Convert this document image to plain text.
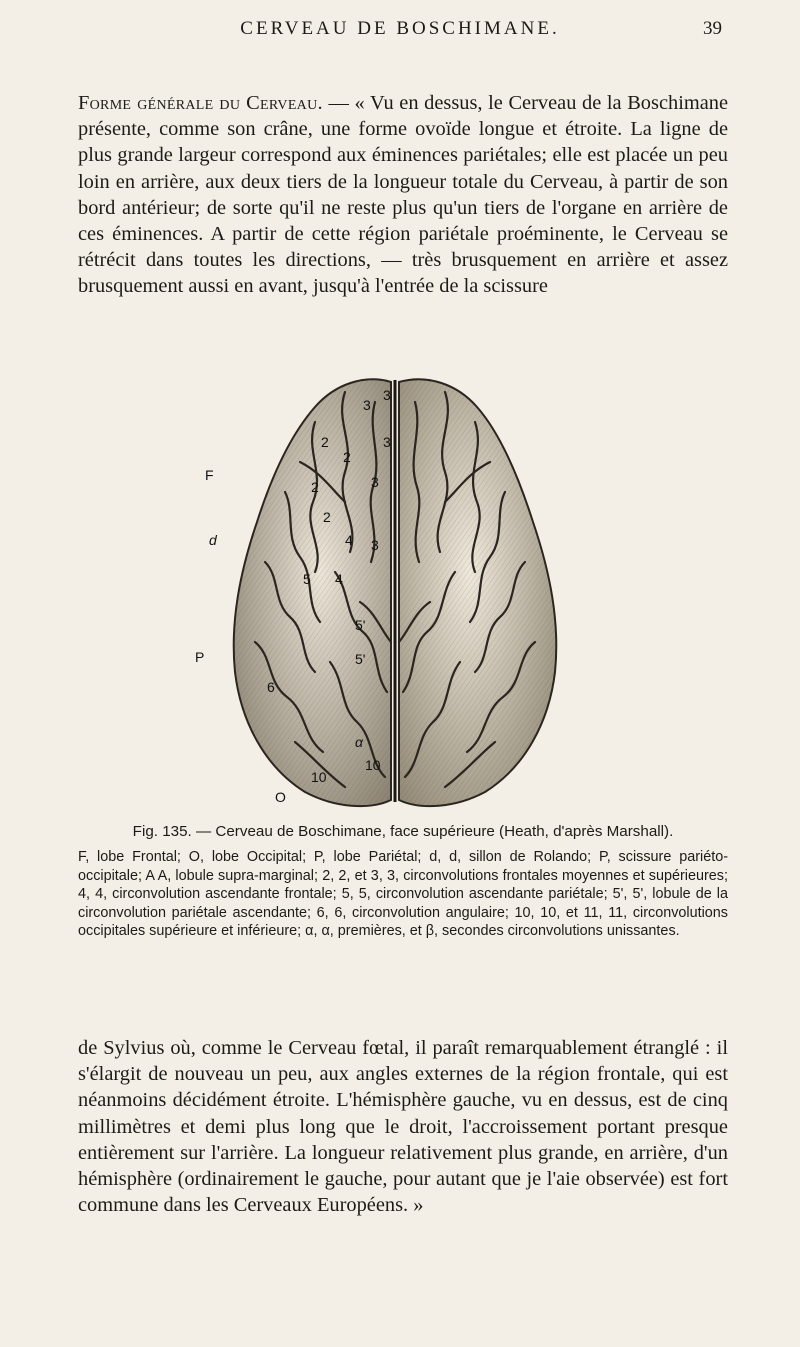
CERVEAU DE BOSCHIMANE.	39

Forme générale du Cerveau. — « Vu en dessus, le Cerveau de la Boschimane présente, comme son crâne, une forme ovoïde longue et étroite. La ligne de plus grande largeur correspond aux éminences pariétales; elle est placée un peu loin en arrière, aux deux tiers de la longueur totale du Cerveau, à partir de son bord antérieur; de sorte qu'il ne reste plus qu'un tiers de l'organe en arrière de ces éminences. A partir de cette région pariétale proéminente, le Cerveau se rétrécit dans toutes les directions, — très brusquement en arrière et assez brusquement aussi en avant, jusqu'à l'entrée de la scissure

F
d
P
O
3
3
3
3
3
2
2
2
2
4
4
5
5'
5'
6
α
10
10

Fig. 135. — Cerveau de Boschimane, face supérieure (Heath, d'après Marshall).

F, lobe Frontal; O, lobe Occipital; P, lobe Pariétal; d, d, sillon de Rolando; P, scissure pariéto-occipitale; A A, lobule supra-marginal; 2, 2, et 3, 3, circonvolutions frontales moyennes et supérieures; 4, 4, circonvolution ascendante frontale; 5, 5, circonvolution ascendante pariétale; 5', 5', lobule de la circonvolution pariétale ascendante; 6, 6, circonvolution angulaire; 10, 10, et 11, 11, circonvolutions occipitales supérieure et inférieure; α, α, premières, et β, secondes circonvolutions unissantes.

de Sylvius où, comme le Cerveau fœtal, il paraît remarquablement étranglé : il s'élargit de nouveau un peu, aux angles externes de la région frontale, qui est néanmoins décidément étroite. L'hémisphère gauche, vu en dessus, est de cinq millimètres et demi plus long que le droit, l'accroissement portant presque entièrement sur l'arrière. La longueur relativement plus grande, en arrière, d'un hémisphère (ordinairement le gauche, pour autant que je l'aie observée) est fort commune dans les Cerveaux Européens. »
